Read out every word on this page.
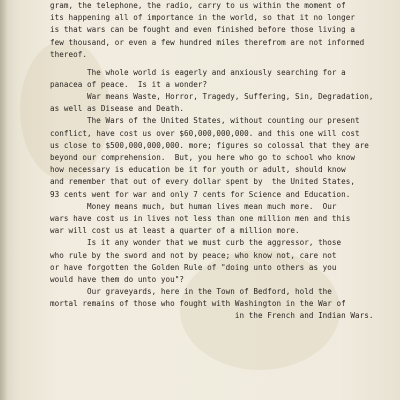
gram, the telephone, the radio, carry to us within the moment of
its happening all of importance in the world, so that it no longer
is that wars can be fought and even finished before those living a
few thousand, or even a few hundred miles therefrom are not informed
thereof.
The whole world is eagerly and anxiously searching for a
panacea of peace.  Is it a wonder?
War means Waste, Horror, Tragedy, Suffering, Sin, Degradation,
as well as Disease and Death.
The Wars of the United States, without counting our present
conflict, have cost us over $60,000,000,000. and this one will cost
us close to $500,000,000,000. more; figures so colossal that they are
beyond our comprehension.  But, you here who go to school who know
how necessary is education be it for youth or adult, should know
and remember that out of every dollar spent by  the United States,
93 cents went for war and only 7 cents for Science and Education.
Money means much, but human lives mean much more.  Our
wars have cost us in lives not less than one million men and this
war will cost us at least a quarter of a million more.
Is it any wonder that we must curb the aggressor, those
who rule by the sword and not by peace; who know not, care not
or have forgotten the Golden Rule of "doing unto others as you
would have them do unto you"?
Our graveyards, here in the Town of Bedford, hold the
mortal remains of those who fought with Washington in the War of
in the French and Indian Wars.
